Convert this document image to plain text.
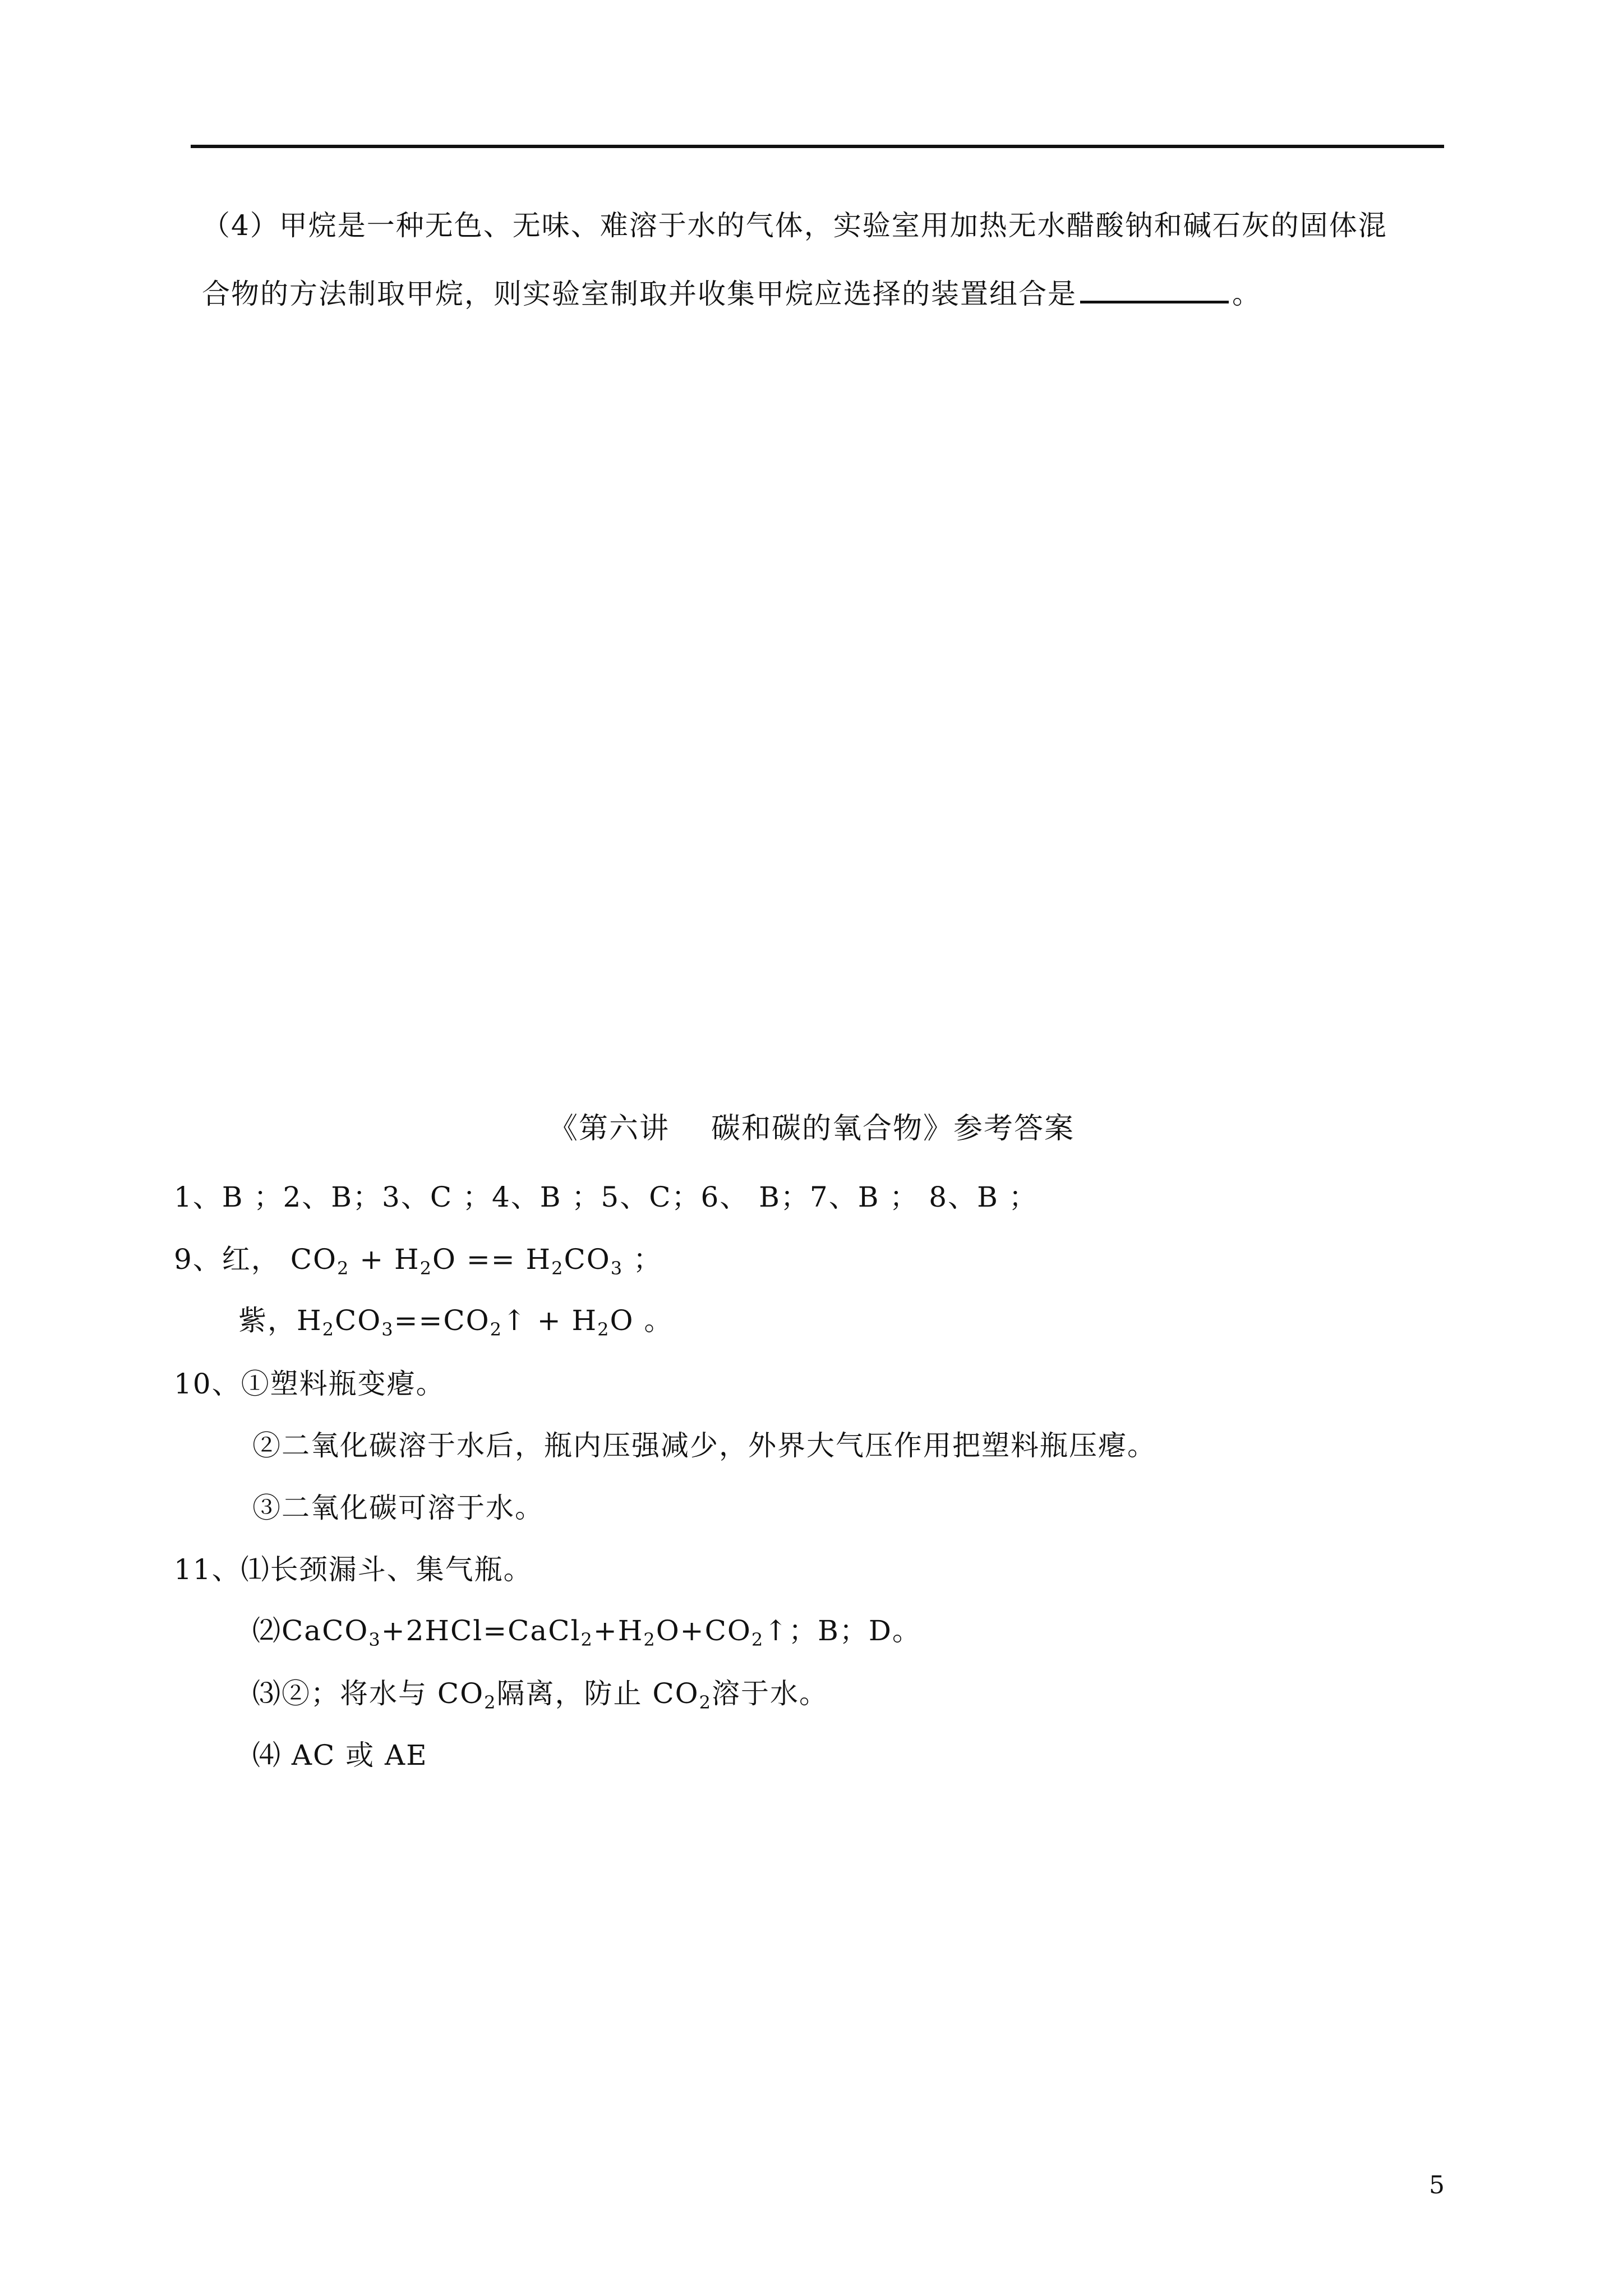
（4）甲烷是一种无色、无味、难溶于水的气体，实验室用加热无水醋酸钠和碱石灰的固体混
合物的方法制取甲烷，则实验室制取并收集甲烷应选择的装置组合是	。
《第六讲    碳和碳的氧合物》参考答案
1、B ；2、B；3、C ；4、B ；5、C；6、 B；7、B ； 8、B ；
9、红， $CO_2 + H_2O == H_2CO_3$ ；
紫，$H_2CO_3==CO_2↑ + H_2O$ 。
10、①塑料瓶变瘪。
②二氧化碳溶于水后，瓶内压强减少，外界大气压作用把塑料瓶压瘪。
③二氧化碳可溶于水。
11、⑴长颈漏斗、集气瓶。
$⑵CaCO_3+2HCl=CaCl_2+H_2O+CO_2↑$；B；D。
⑶②；将水与 $CO_2$隔离，防止 $CO_2$溶于水。
⑷ AC 或 AE
5
